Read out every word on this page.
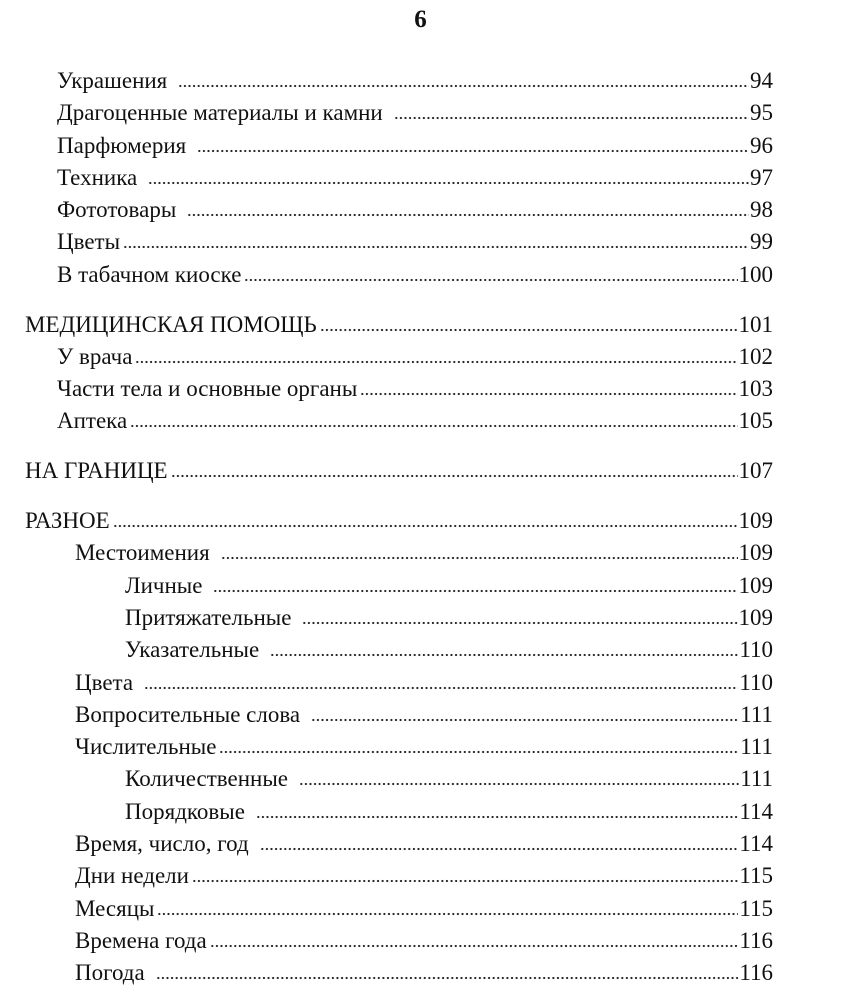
6
Украшения	94
Драгоценные материалы и камни	95
Парфюмерия	96
Техника	97
Фототовары	98
Цветы	99
В табачном киоске	100
МЕДИЦИНСКАЯ ПОМОЩЬ	101
У врача	102
Части тела и основные органы	103
Аптека	105
НА ГРАНИЦЕ	107
РАЗНОЕ	109
Местоимения	109
Личные	109
Притяжательные	109
Указательные	110
Цвета	110
Вопросительные слова	111
Числительные	111
Количественные	111
Порядковые	114
Время, число, год	114
Дни недели	115
Месяцы	115
Времена года	116
Погода	116
